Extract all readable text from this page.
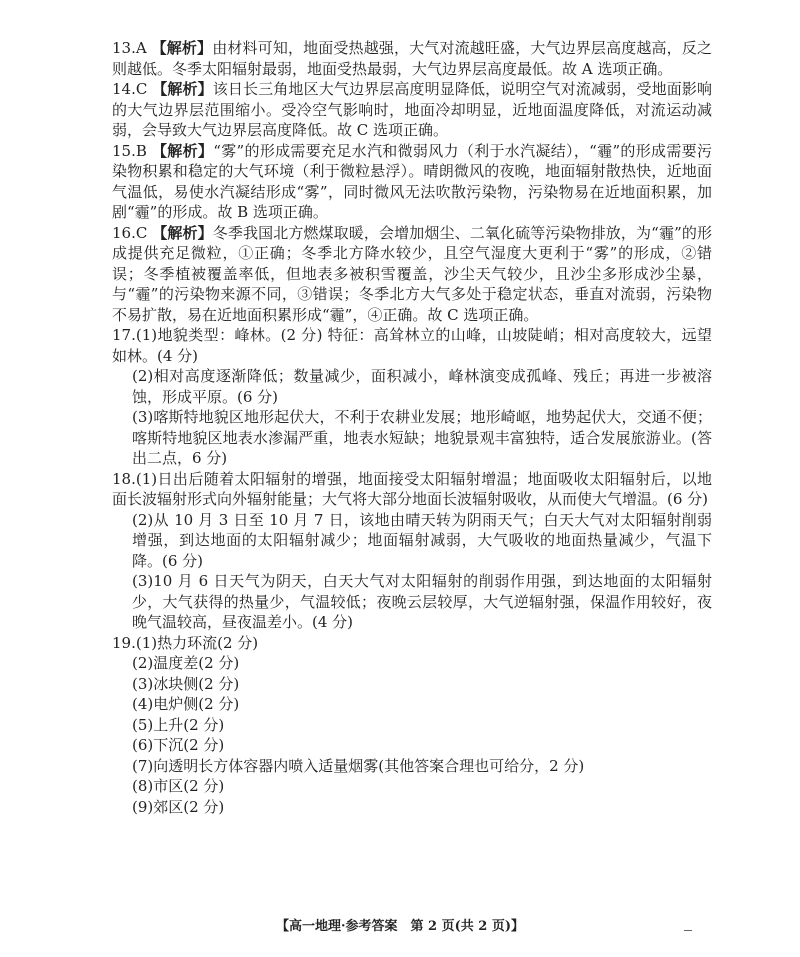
13.A 【解析】由材料可知，地面受热越强，大气对流越旺盛，大气边界层高度越高，反之则越低。冬季太阳辐射最弱，地面受热最弱，大气边界层高度最低。故 A 选项正确。

14.C 【解析】该日长三角地区大气边界层高度明显降低，说明空气对流减弱，受地面影响的大气边界层范围缩小。受冷空气影响时，地面冷却明显，近地面温度降低，对流运动减弱，会导致大气边界层高度降低。故 C 选项正确。

15.B 【解析】“雾”的形成需要充足水汽和微弱风力（利于水汽凝结），“霾”的形成需要污染物积累和稳定的大气环境（利于微粒悬浮）。晴朗微风的夜晚，地面辐射散热快，近地面气温低，易使水汽凝结形成“雾”，同时微风无法吹散污染物，污染物易在近地面积累，加剧“霾”的形成。故 B 选项正确。

16.C 【解析】冬季我国北方燃煤取暖，会增加烟尘、二氧化硫等污染物排放，为“霾”的形成提供充足微粒，①正确；冬季北方降水较少，且空气湿度大更利于“雾”的形成，②错误；冬季植被覆盖率低，但地表多被积雪覆盖，沙尘天气较少，且沙尘多形成沙尘暴，与“霾”的污染物来源不同，③错误；冬季北方大气多处于稳定状态，垂直对流弱，污染物不易扩散，易在近地面积累形成“霾”，④正确。故 C 选项正确。

17.(1)地貌类型：峰林。(2 分) 特征：高耸林立的山峰，山坡陡峭；相对高度较大，远望如林。(4 分)

(2)相对高度逐渐降低；数量减少，面积减小，峰林演变成孤峰、残丘；再进一步被溶蚀，形成平原。(6 分)

(3)喀斯特地貌区地形起伏大，不利于农耕业发展；地形崎岖，地势起伏大，交通不便；喀斯特地貌区地表水渗漏严重，地表水短缺；地貌景观丰富独特，适合发展旅游业。(答出二点，6 分)

18.(1)日出后随着太阳辐射的增强，地面接受太阳辐射增温；地面吸收太阳辐射后，以地面长波辐射形式向外辐射能量；大气将大部分地面长波辐射吸收，从而使大气增温。(6 分)

(2)从 10 月 3 日至 10 月 7 日，该地由晴天转为阴雨天气；白天大气对太阳辐射削弱增强，到达地面的太阳辐射减少；地面辐射减弱，大气吸收的地面热量减少，气温下降。(6 分)

(3)10 月 6 日天气为阴天，白天大气对太阳辐射的削弱作用强，到达地面的太阳辐射少，大气获得的热量少，气温较低；夜晚云层较厚，大气逆辐射强，保温作用较好，夜晚气温较高，昼夜温差小。(4 分)

19.(1)热力环流(2 分)

(2)温度差(2 分)

(3)冰块侧(2 分)

(4)电炉侧(2 分)

(5)上升(2 分)

(6)下沉(2 分)

(7)向透明长方体容器内喷入适量烟雾(其他答案合理也可给分，2 分)

(8)市区(2 分)

(9)郊区(2 分)

【高一地理·参考答案　第 2 页(共 2 页)】
